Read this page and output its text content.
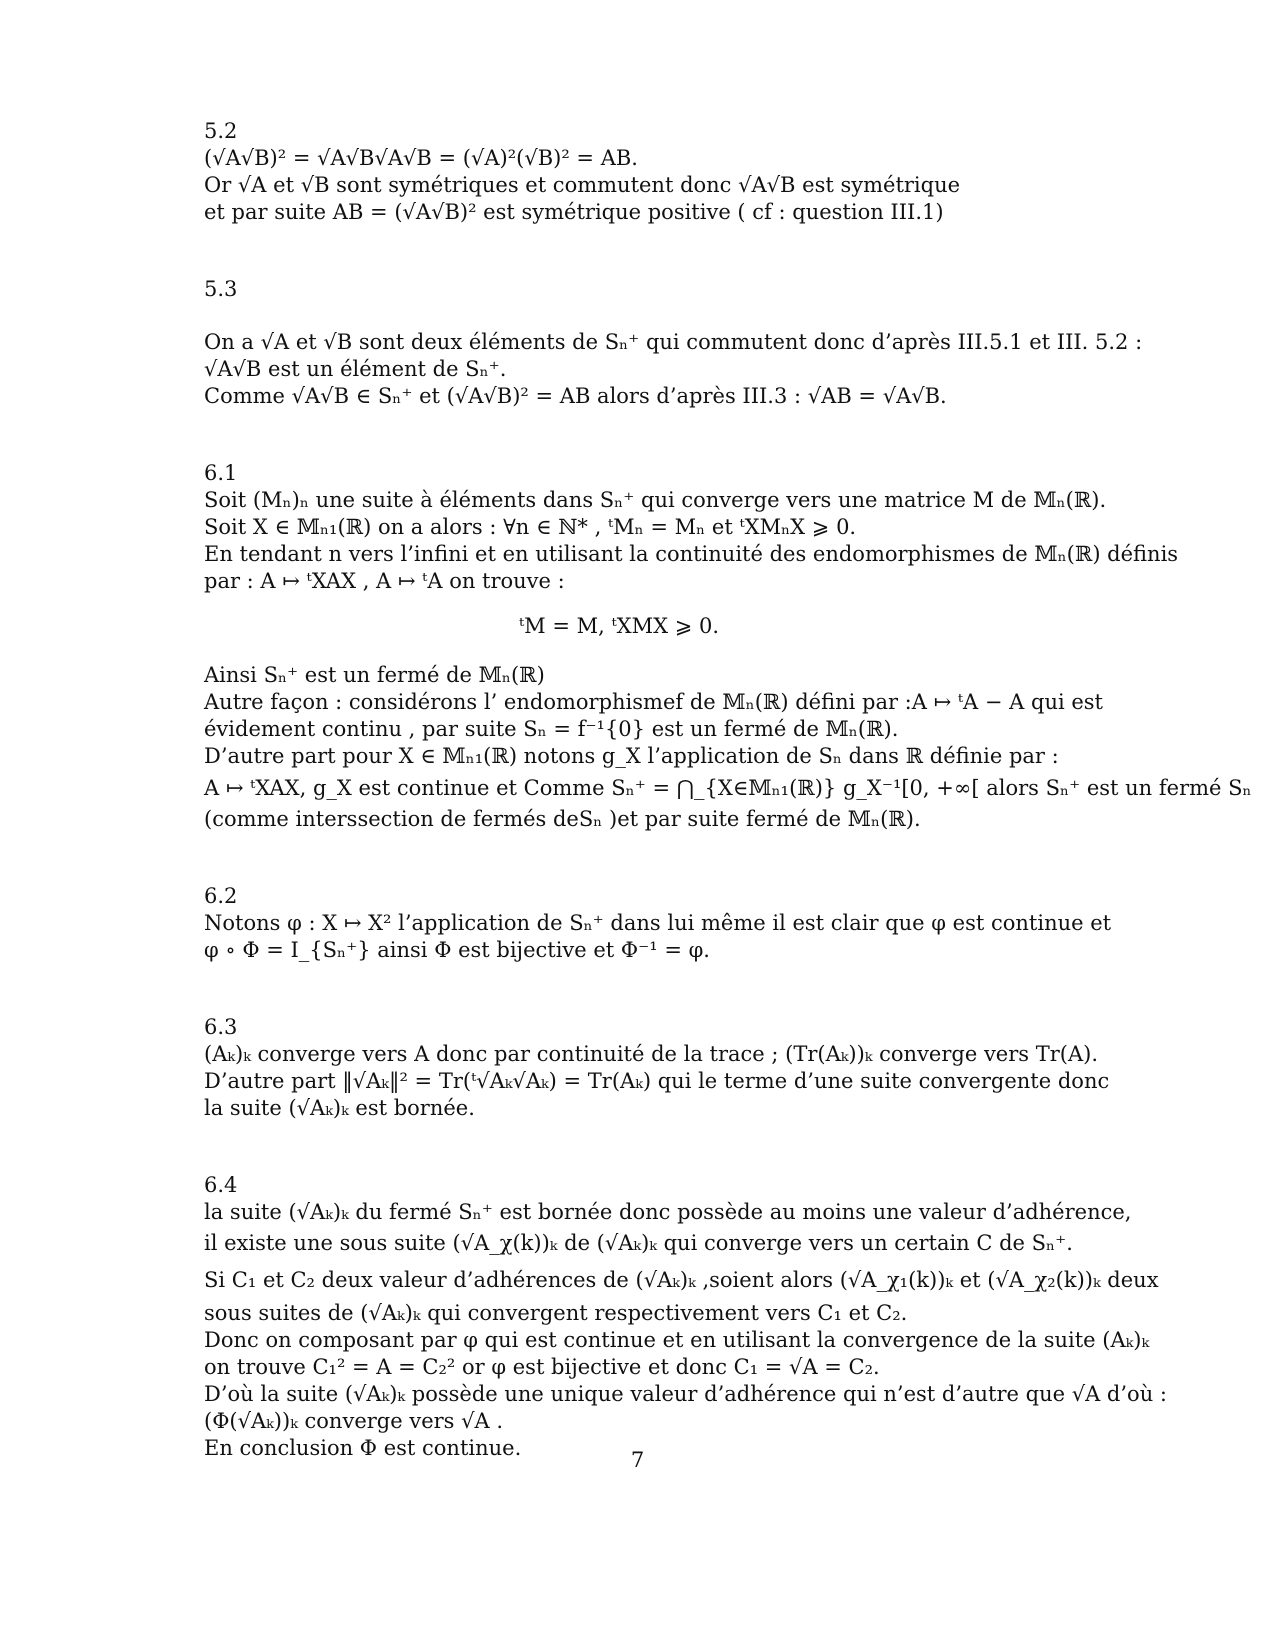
5.2
(√A√B)² = √A√B√A√B = (√A)²(√B)² = AB.
Or √A et √B sont symétriques et commutent donc √A√B est symétrique
et par suite AB = (√A√B)² est symétrique positive ( cf : question III.1)
5.3
On a √A et √B sont deux éléments de Sₙ⁺ qui commutent donc d’après III.5.1 et III. 5.2 :
√A√B est un élément de Sₙ⁺.
Comme √A√B ∈ Sₙ⁺ et (√A√B)² = AB alors d’après III.3 : √AB = √A√B.
6.1
Soit (Mₙ)ₙ une suite à éléments dans Sₙ⁺ qui converge vers une matrice M de 𝕄ₙ(ℝ).
Soit X ∈ 𝕄ₙ₁(ℝ) on a alors : ∀n ∈ ℕ* , ᵗMₙ = Mₙ et ᵗXMₙX ⩾ 0.
En tendant n vers l’infini et en utilisant la continuité des endomorphismes de 𝕄ₙ(ℝ) définis
par : A ↦ ᵗXAX , A ↦ ᵗA on trouve :
ᵗM = M, ᵗXMX ⩾ 0.
Ainsi Sₙ⁺ est un fermé de 𝕄ₙ(ℝ)
Autre façon : considérons l’ endomorphismef de 𝕄ₙ(ℝ) défini par :A ↦ ᵗA − A qui est
évidement continu , par suite Sₙ = f⁻¹{0} est un fermé de 𝕄ₙ(ℝ).
D’autre part pour X ∈ 𝕄ₙ₁(ℝ) notons g_X l’application de Sₙ dans ℝ définie par :
A ↦ ᵗXAX, g_X est continue et Comme Sₙ⁺ = ⋂_{X∈𝕄ₙ₁(ℝ)} g_X⁻¹[0, +∞[ alors Sₙ⁺ est un fermé Sₙ
(comme interssection de fermés deSₙ )et par suite fermé de 𝕄ₙ(ℝ).
6.2
Notons φ : X ↦ X² l’application de Sₙ⁺ dans lui même il est clair que φ est continue et
φ ∘ Φ = I_{Sₙ⁺} ainsi Φ est bijective et Φ⁻¹ = φ.
6.3
(Aₖ)ₖ converge vers A donc par continuité de la trace ; (Tr(Aₖ))ₖ converge vers Tr(A).
D’autre part ‖√Aₖ‖² = Tr(ᵗ√Aₖ√Aₖ) = Tr(Aₖ) qui le terme d’une suite convergente donc
la suite (√Aₖ)ₖ est bornée.
6.4
la suite (√Aₖ)ₖ du fermé Sₙ⁺ est bornée donc possède au moins une valeur d’adhérence,
il existe une sous suite (√A_χ(k))ₖ de (√Aₖ)ₖ qui converge vers un certain C de Sₙ⁺.
Si C₁ et C₂ deux valeur d’adhérences de (√Aₖ)ₖ ,soient alors (√A_χ₁(k))ₖ et (√A_χ₂(k))ₖ deux
sous suites de (√Aₖ)ₖ qui convergent respectivement vers C₁ et C₂.
Donc on composant par φ qui est continue et en utilisant la convergence de la suite (Aₖ)ₖ
on trouve C₁² = A = C₂² or φ est bijective et donc C₁ = √A = C₂.
D’où la suite (√Aₖ)ₖ possède une unique valeur d’adhérence qui n’est d’autre que √A d’où :
(Φ(√Aₖ))ₖ converge vers √A .
En conclusion Φ est continue.	7
